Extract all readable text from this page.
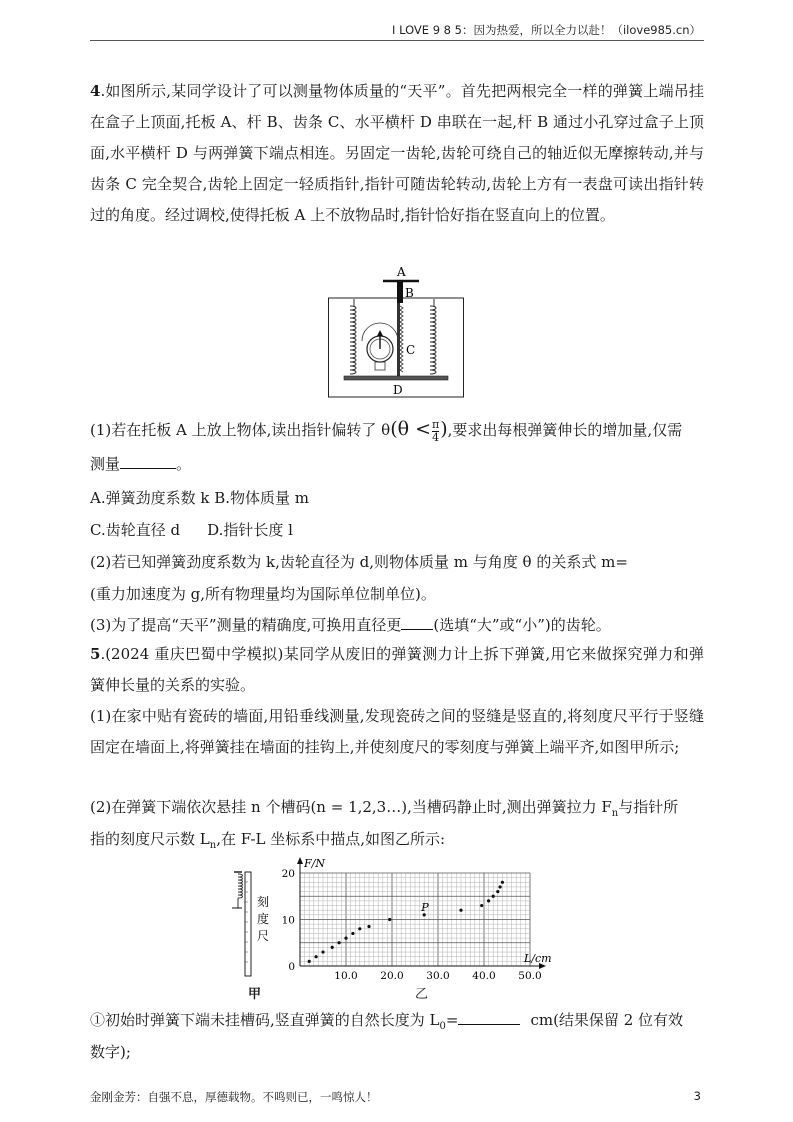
I LOVE 9 8 5：因为热爱，所以全力以赴！（ilove985.cn）
4.如图所示,某同学设计了可以测量物体质量的“天平”。首先把两根完全一样的弹簧上端吊挂在盒子上顶面,托板 A、杆 B、齿条 C、水平横杆 D 串联在一起,杆 B 通过小孔穿过盒子上顶面,水平横杆 D 与两弹簧下端点相连。另固定一齿轮,齿轮可绕自己的轴近似无摩擦转动,并与齿条 C 完全契合,齿轮上固定一轻质指针,指针可随齿轮转动,齿轮上方有一表盘可读出指针转过的角度。经过调校,使得托板 A 上不放物品时,指针恰好指在竖直向上的位置。
A
B
C
D
(1)若在托板 A 上放上物体,读出指针偏转了 $\theta(\theta < \frac{\pi}{4}$ ),要求出每根弹簧伸长的增加量,仅需
测量	。
A.弹簧劲度系数 k B.物体质量 m
C.齿轮直径 d D.指针长度 l
(2)若已知弹簧劲度系数为 k,齿轮直径为 d,则物体质量 m 与角度 θ 的关系式 m=
(重力加速度为 g,所有物理量均为国际单位制单位)。
(3)为了提高“天平”测量的精确度,可换用直径更 (选填“大”或“小”)的齿轮。
5.(2024 重庆巴蜀中学模拟)某同学从废旧的弹簧测力计上拆下弹簧,用它来做探究弹力和弹簧伸长量的关系的实验。
(1)在家中贴有瓷砖的墙面,用铅垂线测量,发现瓷砖之间的竖缝是竖直的,将刻度尺平行于竖缝固定在墙面上,将弹簧挂在墙面的挂钩上,并使刻度尺的零刻度与弹簧上端平齐,如图甲所示;
(2)在弹簧下端依次悬挂 n 个槽码(n = 1,2,3…),当槽码静止时,测出弹簧拉力 $F_n$与指针所
指的刻度尺示数 $L_n$,在 F-L 坐标系中描点,如图乙所示:
刻
度
尺
甲
L/cm
F/N
10.0 20.0 30.0 40.0 50.0
0
10
20
P
乙
①初始时弹簧下端未挂槽码,竖直弹簧的自然长度为 $L_0=$	cm(结果保留 2 位有效
数字);
金刚金芳：自强不息，厚德载物。不鸣则已，一鸣惊人！	3
